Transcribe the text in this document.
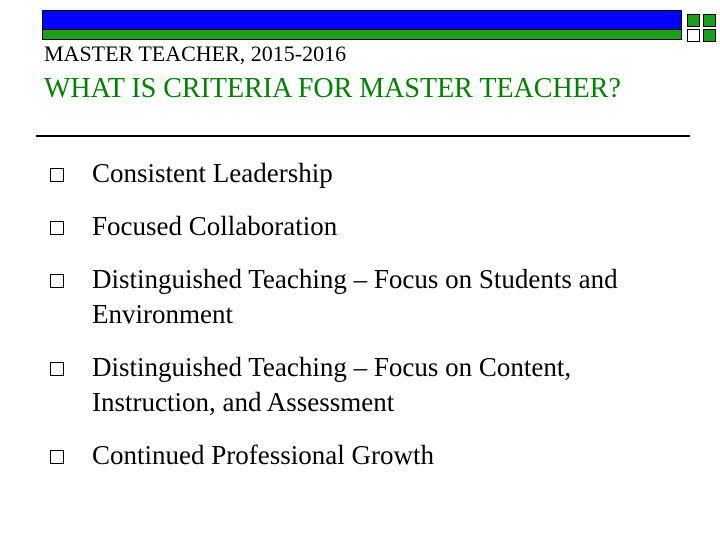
MASTER TEACHER, 2015-2016
WHAT IS CRITERIA FOR MASTER TEACHER?
Consistent Leadership
Focused Collaboration
Distinguished Teaching – Focus on Students and Environment
Distinguished Teaching – Focus on Content, Instruction, and Assessment
Continued Professional Growth
